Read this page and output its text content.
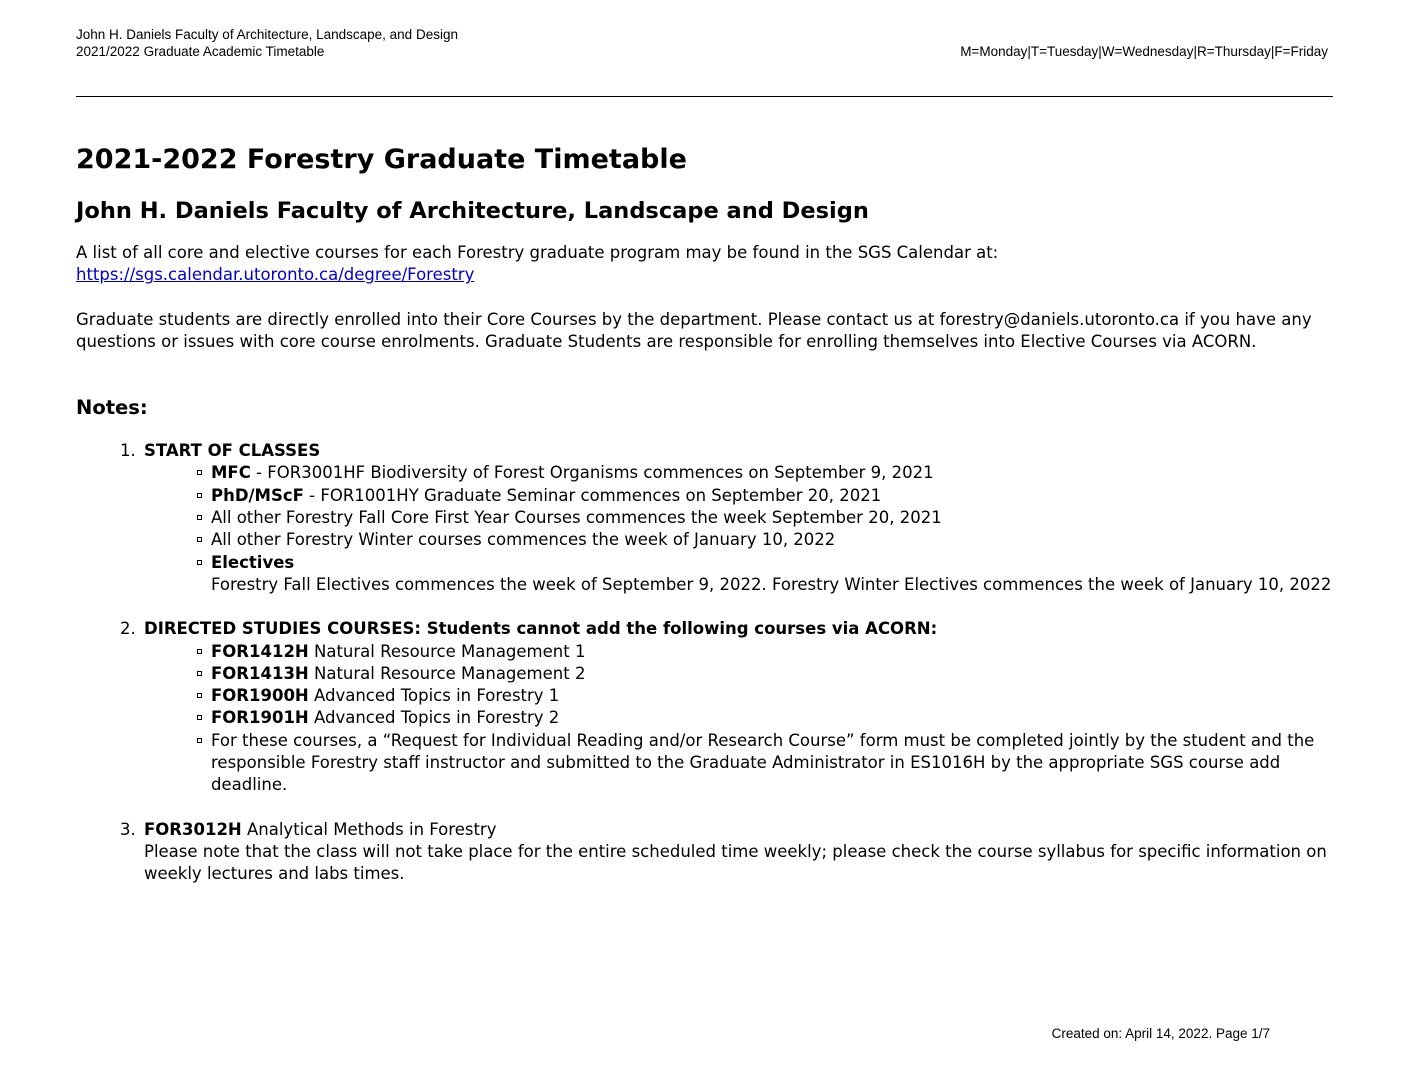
John H. Daniels Faculty of Architecture, Landscape, and Design
2021/2022 Graduate Academic Timetable	M=Monday|T=Tuesday|W=Wednesday|R=Thursday|F=Friday
2021-2022 Forestry Graduate Timetable
John H. Daniels Faculty of Architecture, Landscape and Design

A list of all core and elective courses for each Forestry graduate program may be found in the SGS Calendar at:
https://sgs.calendar.utoronto.ca/degree/Forestry

Graduate students are directly enrolled into their Core Courses by the department. Please contact us at forestry@daniels.utoronto.ca if you have any questions or issues with core course enrolments. Graduate Students are responsible for enrolling themselves into Elective Courses via ACORN.

Notes:
1. START OF CLASSES
MFC - FOR3001HF Biodiversity of Forest Organisms commences on September 9, 2021
PhD/MScF - FOR1001HY Graduate Seminar commences on September 20, 2021
All other Forestry Fall Core First Year Courses commences the week September 20, 2021
All other Forestry Winter courses commences the week of January 10, 2022
Electives
Forestry Fall Electives commences the week of September 9, 2022. Forestry Winter Electives commences the week of January 10, 2022
2. DIRECTED STUDIES COURSES: Students cannot add the following courses via ACORN:
FOR1412H Natural Resource Management 1
FOR1413H Natural Resource Management 2
FOR1900H Advanced Topics in Forestry 1
FOR1901H Advanced Topics in Forestry 2
For these courses, a “Request for Individual Reading and/or Research Course” form must be completed jointly by the student and the responsible Forestry staff instructor and submitted to the Graduate Administrator in ES1016H by the appropriate SGS course add deadline.
3. FOR3012H Analytical Methods in Forestry
Please note that the class will not take place for the entire scheduled time weekly; please check the course syllabus for specific information on weekly lectures and labs times.
Created on: April 14, 2022. Page 1/7
